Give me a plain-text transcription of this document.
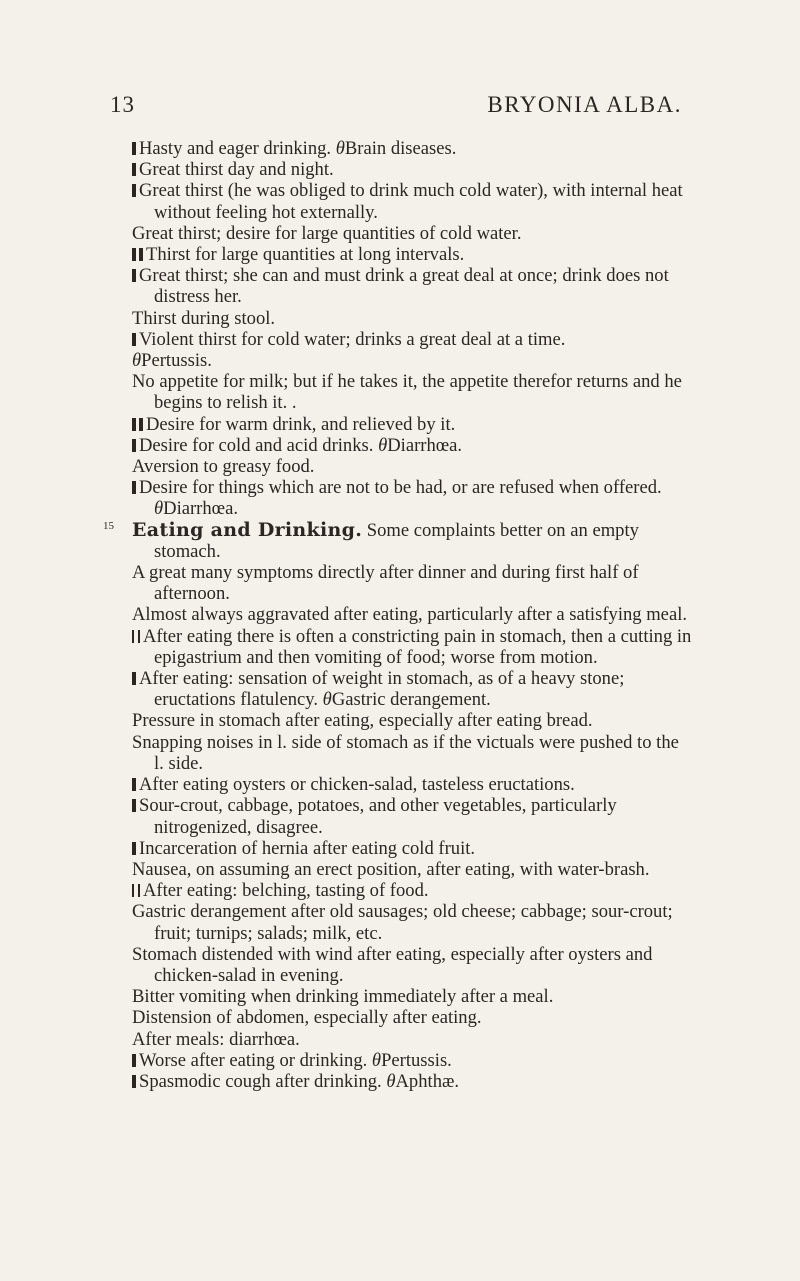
13	BRYONIA ALBA.

Hasty and eager drinking. θBrain diseases.

Great thirst day and night.

Great thirst (he was obliged to drink much cold water), with internal heat without feeling hot externally.

Great thirst; desire for large quantities of cold water.

Thirst for large quantities at long intervals.

Great thirst; she can and must drink a great deal at once; drink does not distress her.

Thirst during stool.

Violent thirst for cold water; drinks a great deal at a time.

θPertussis.

No appetite for milk; but if he takes it, the appetite therefor returns and he begins to relish it. .

Desire for warm drink, and relieved by it.

Desire for cold and acid drinks. θDiarrhœa.

Aversion to greasy food.

Desire for things which are not to be had, or are refused when offered. θDiarrhœa.

15 Eating and Drinking. Some complaints better on an empty stomach.

A great many symptoms directly after dinner and during first half of afternoon.

Almost always aggravated after eating, particularly after a satisfying meal.

After eating there is often a constricting pain in stomach, then a cutting in epigastrium and then vomiting of food; worse from motion.

After eating: sensation of weight in stomach, as of a heavy stone; eructations flatulency. θGastric derangement.

Pressure in stomach after eating, especially after eating bread.

Snapping noises in l. side of stomach as if the victuals were pushed to the l. side.

After eating oysters or chicken-salad, tasteless eructations.

Sour-crout, cabbage, potatoes, and other vegetables, particularly nitrogenized, disagree.

Incarceration of hernia after eating cold fruit.

Nausea, on assuming an erect position, after eating, with water-brash.

After eating: belching, tasting of food.

Gastric derangement after old sausages; old cheese; cabbage; sour-crout; fruit; turnips; salads; milk, etc.

Stomach distended with wind after eating, especially after oysters and chicken-salad in evening.

Bitter vomiting when drinking immediately after a meal.

Distension of abdomen, especially after eating.

After meals: diarrhœa.

Worse after eating or drinking. θPertussis.

Spasmodic cough after drinking. θAphthæ.
